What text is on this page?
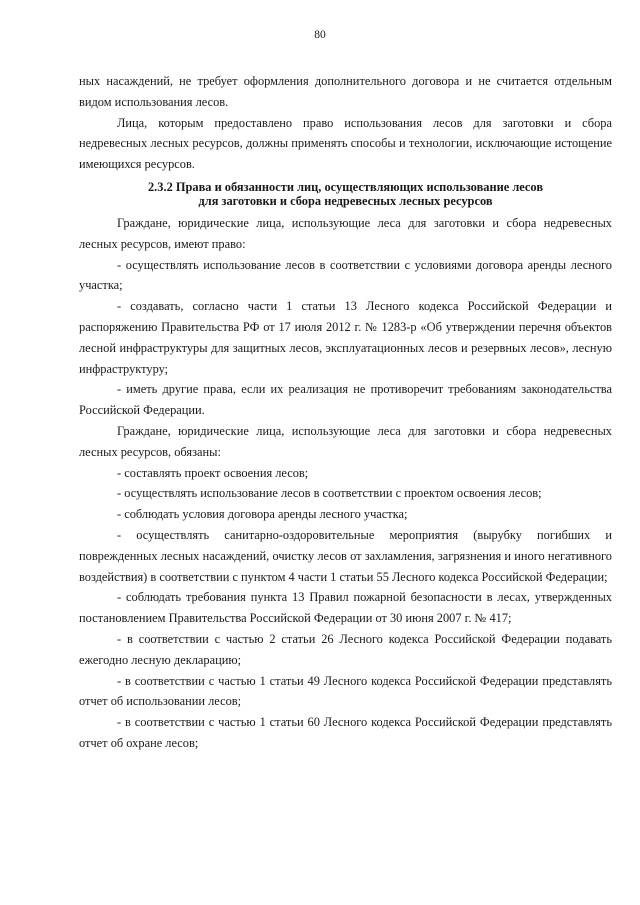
80

ных насаждений, не требует оформления дополнительного договора и не считается отдельным видом использования лесов.

Лица, которым предоставлено право использования лесов для заготовки и сбора недревесных лесных ресурсов, должны применять способы и технологии, исключающие истощение имеющихся ресурсов.

2.3.2 Права и обязанности лиц, осуществляющих использование лесов
для заготовки и сбора недревесных лесных ресурсов

Граждане, юридические лица, использующие леса для заготовки и сбора недревесных лесных ресурсов, имеют право:

- осуществлять использование лесов в соответствии с условиями договора аренды лесного участка;

- создавать, согласно части 1 статьи 13 Лесного кодекса Российской Федерации и распоряжению Правительства РФ от 17 июля 2012 г. № 1283-р «Об утверждении перечня объектов лесной инфраструктуры для защитных лесов, эксплуатационных лесов и резервных лесов», лесную инфраструктуру;

- иметь другие права, если их реализация не противоречит требованиям законодательства Российской Федерации.

Граждане, юридические лица, использующие леса для заготовки и сбора недревесных лесных ресурсов, обязаны:

- составлять проект освоения лесов;

- осуществлять использование лесов в соответствии с проектом освоения лесов;

- соблюдать условия договора аренды лесного участка;

- осуществлять санитарно-оздоровительные мероприятия (вырубку погибших и поврежденных лесных насаждений, очистку лесов от захламления, загрязнения и иного негативного воздействия) в соответствии с пунктом 4 части 1 статьи 55 Лесного кодекса Российской Федерации;

- соблюдать требования пункта 13 Правил пожарной безопасности в лесах, утвержденных постановлением Правительства Российской Федерации от 30 июня 2007 г. № 417;

- в соответствии с частью 2 статьи 26 Лесного кодекса Российской Федерации подавать ежегодно лесную декларацию;

- в соответствии с частью 1 статьи 49 Лесного кодекса Российской Федерации представлять отчет об использовании лесов;

- в соответствии с частью 1 статьи 60 Лесного кодекса Российской Федерации представлять отчет об охране лесов;
